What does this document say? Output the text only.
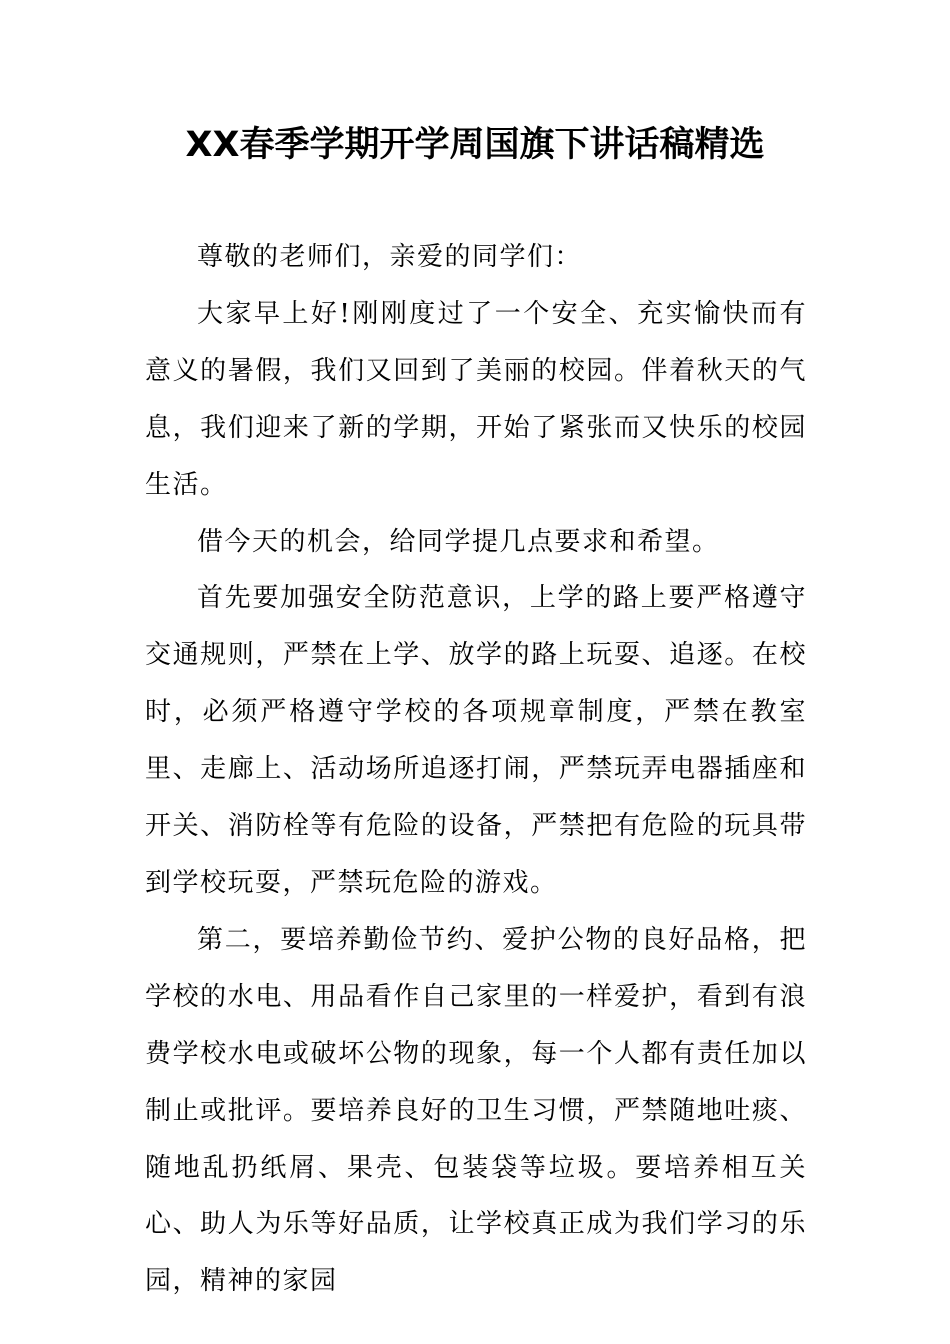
XX春季学期开学周国旗下讲话稿精选

尊敬的老师们，亲爱的同学们：

大家早上好!刚刚度过了一个安全、充实愉快而有意义的暑假，我们又回到了美丽的校园。伴着秋天的气息，我们迎来了新的学期，开始了紧张而又快乐的校园生活。

借今天的机会，给同学提几点要求和希望。

首先要加强安全防范意识，上学的路上要严格遵守交通规则，严禁在上学、放学的路上玩耍、追逐。在校时，必须严格遵守学校的各项规章制度，严禁在教室里、走廊上、活动场所追逐打闹，严禁玩弄电器插座和开关、消防栓等有危险的设备，严禁把有危险的玩具带到学校玩耍，严禁玩危险的游戏。

第二，要培养勤俭节约、爱护公物的良好品格，把学校的水电、用品看作自己家里的一样爱护，看到有浪费学校水电或破坏公物的现象，每一个人都有责任加以制止或批评。要培养良好的卫生习惯，严禁随地吐痰、随地乱扔纸屑、果壳、包装袋等垃圾。要培养相互关心、助人为乐等好品质，让学校真正成为我们学习的乐园，精神的家园
